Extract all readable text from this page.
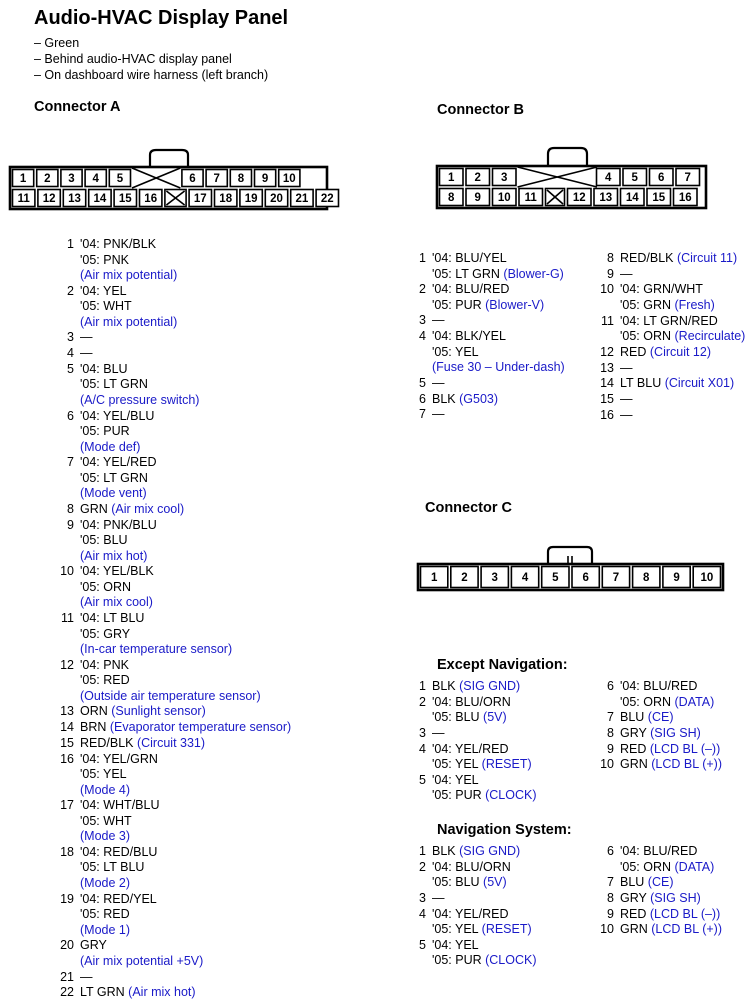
Audio-HVAC Display Panel
– Green
– Behind audio-HVAC display panel
– On dashboard wire harness (left branch)
Connector A	Connector B
Connector C
Except Navigation:
Navigation System:
1 2 3 4 5	6 7 8 9 10
11 12 13 14 15 16	17 18 19 20 21 22
1 2 3	4 5 6 7
8 9 10 11	12 13 14 15 16
1 2 3 4 5 6 7 8 9 10
1 '04: PNK/BLK
'05: PNK
(Air mix potential)
2 '04: YEL
'05: WHT
(Air mix potential)
3 —
4 —
5 '04: BLU
'05: LT GRN
(A/C pressure switch)
6 '04: YEL/BLU
'05: PUR
(Mode def)
7 '04: YEL/RED
'05: LT GRN
(Mode vent)
8 GRN (Air mix cool)
9 '04: PNK/BLU
'05: BLU
(Air mix hot)
10 '04: YEL/BLK
'05: ORN
(Air mix cool)
11 '04: LT BLU
'05: GRY
(In-car temperature sensor)
12 '04: PNK
'05: RED
(Outside air temperature sensor)
13 ORN (Sunlight sensor)
14 BRN (Evaporator temperature sensor)
15 RED/BLK (Circuit 331)
16 '04: YEL/GRN
'05: YEL
(Mode 4)
17 '04: WHT/BLU
'05: WHT
(Mode 3)
18 '04: RED/BLU
'05: LT BLU
(Mode 2)
19 '04: RED/YEL
'05: RED
(Mode 1)
20 GRY
(Air mix potential +5V)
21 —
22 LT GRN (Air mix hot)
1 '04: BLU/YEL
'05: LT GRN (Blower-G)
2 '04: BLU/RED
'05: PUR (Blower-V)
3 —
4 '04: BLK/YEL
'05: YEL
(Fuse 30 – Under-dash)
5 —
6 BLK (G503)
7 —
8 RED/BLK (Circuit 11)
9 —
10 '04: GRN/WHT
'05: GRN (Fresh)
11 '04: LT GRN/RED
'05: ORN (Recirculate)
12 RED (Circuit 12)
13 —
14 LT BLU (Circuit X01)
15 —
16 —
1 BLK (SIG GND)
2 '04: BLU/ORN
'05: BLU (5V)
3 —
4 '04: YEL/RED
'05: YEL (RESET)
5 '04: YEL
'05: PUR (CLOCK)
6 '04: BLU/RED
'05: ORN (DATA)
7 BLU (CE)
8 GRY (SIG SH)
9 RED (LCD BL (–))
10 GRN (LCD BL (+))
1 BLK (SIG GND)
2 '04: BLU/ORN
'05: BLU (5V)
3 —
4 '04: YEL/RED
'05: YEL (RESET)
5 '04: YEL
'05: PUR (CLOCK)
6 '04: BLU/RED
'05: ORN (DATA)
7 BLU (CE)
8 GRY (SIG SH)
9 RED (LCD BL (–))
10 GRN (LCD BL (+))
